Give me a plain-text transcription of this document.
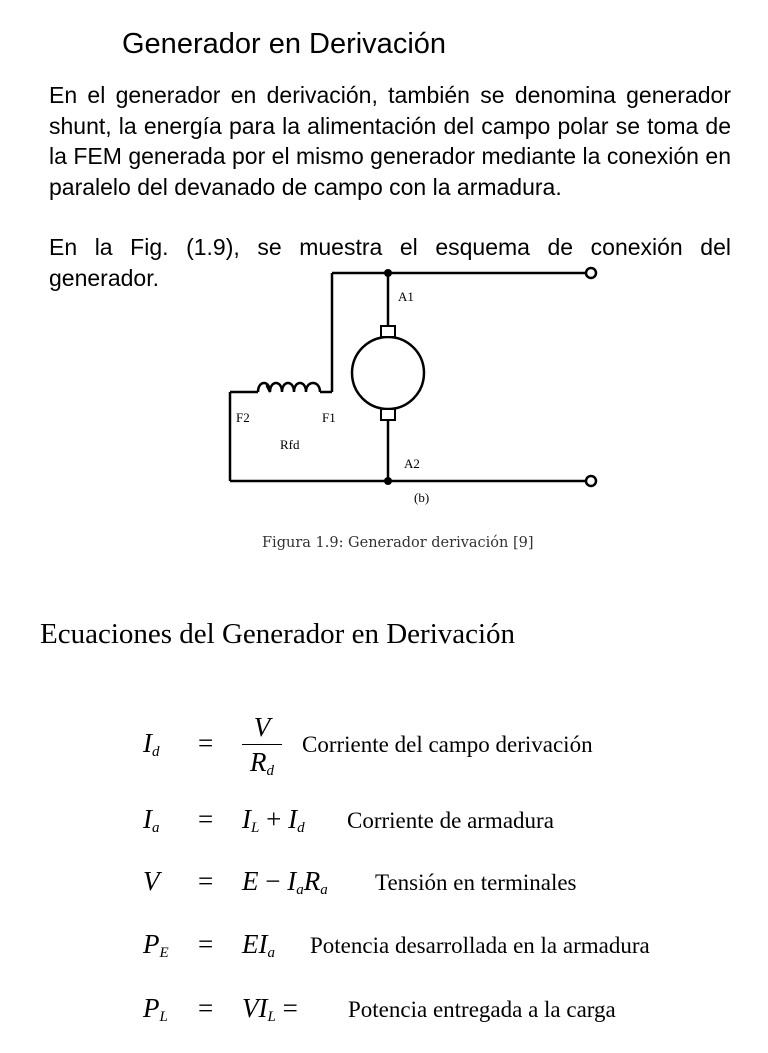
Generador en Derivación

En el generador en derivación, también se denomina generador shunt, la energía para la alimentación del campo polar se toma de la FEM generada por el mismo generador mediante la conexión en paralelo del devanado de campo con la armadura.

En la Fig. (1.9), se muestra el esquema de conexión del generador.

A1
A2
F2	F1
Rfd
(b)
Figura 1.9: Generador derivación [9]
Ecuaciones del Generador en Derivación
$I_d$ =
V
$R_d$
Corriente del campo derivación
$I_a = I_L + I_d$ Corriente de armadura
$V = E - I_aR_a$ Tensión en terminales
$P_E = EI_a$ Potencia desarrollada en la armadura
$P_L = VI_L$ = Potencia entregada a la carga
